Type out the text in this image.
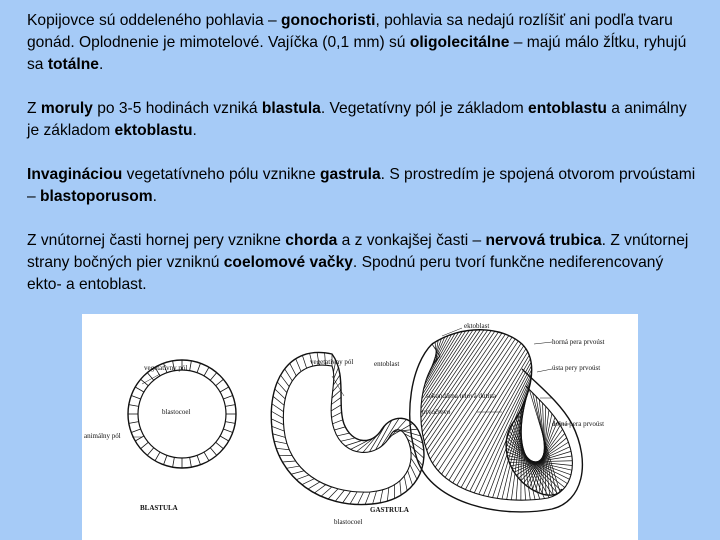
Kopijovce sú oddeleného pohlavia – gonochoristi, pohlavia sa nedajú rozlíšiť ani podľa tvaru gonád. Oplodnenie je mimotelové. Vajíčka (0,1 mm) sú oligolecitálne – majú málo žĺtku, ryhujú sa totálne.

Z moruly po 3-5 hodinách vzniká blastula. Vegetatívny pól je základom entoblastu a animálny je základom ektoblastu.

Invagináciou vegetatívneho pólu vznikne gastrula. S prostredím je spojená otvorom prvoústami – blastoporusom.

Z vnútornej časti hornej pery vznikne chorda a z vonkajšej časti – nervová trubica. Z vnútornej strany bočných pier vzniknú coelomové vačky. Spodnú peru tvorí funkčne nediferencovaný ekto- a entoblast.

vegetatívny pól
blastocoel
animálny pól
vegetatívny pól
blastocoel
ektoblast
entoblast
horná pera prvoúst
ústa pery prvoúst
prvočrevo
sekundárna telová dutina
dolná pera prvoúst
BLASTULA	GASTRULA
